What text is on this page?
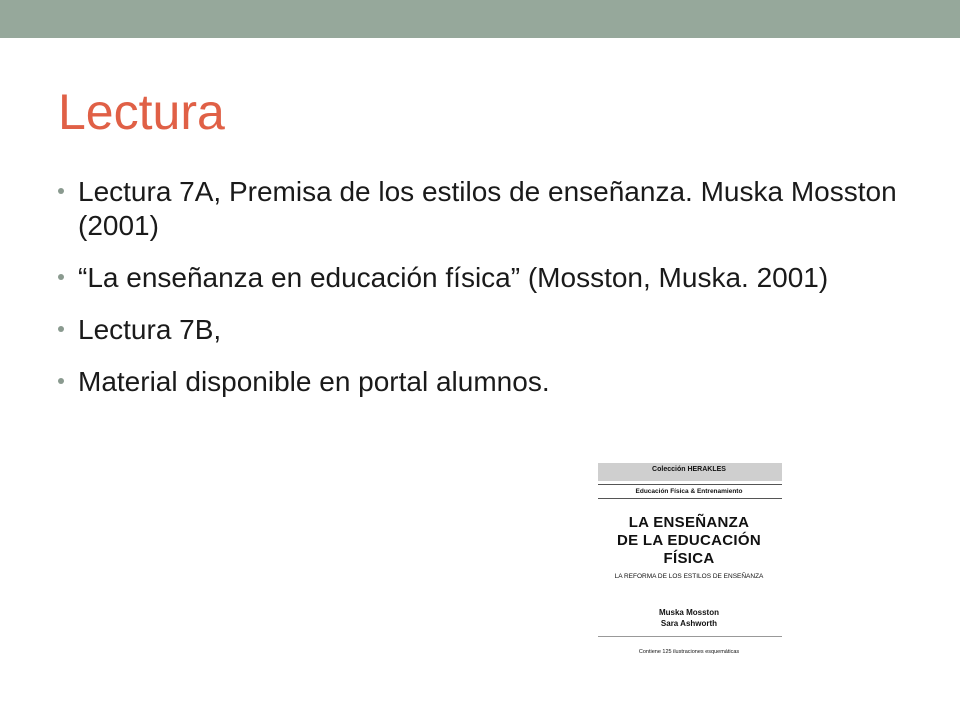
Lectura
Lectura 7A, Premisa de los estilos de enseñanza. Muska Mosston (2001)
“La enseñanza en educación física” (Mosston, Muska. 2001)
Lectura 7B,
Material disponible en portal alumnos.
Colección HERAKLES
Educación Física & Entrenamiento
LA ENSEÑANZA
DE LA EDUCACIÓN
FÍSICA
LA REFORMA DE LOS ESTILOS DE ENSEÑANZA
Muska Mosston
Sara Ashworth
Contiene 125 ilustraciones esquemáticas
